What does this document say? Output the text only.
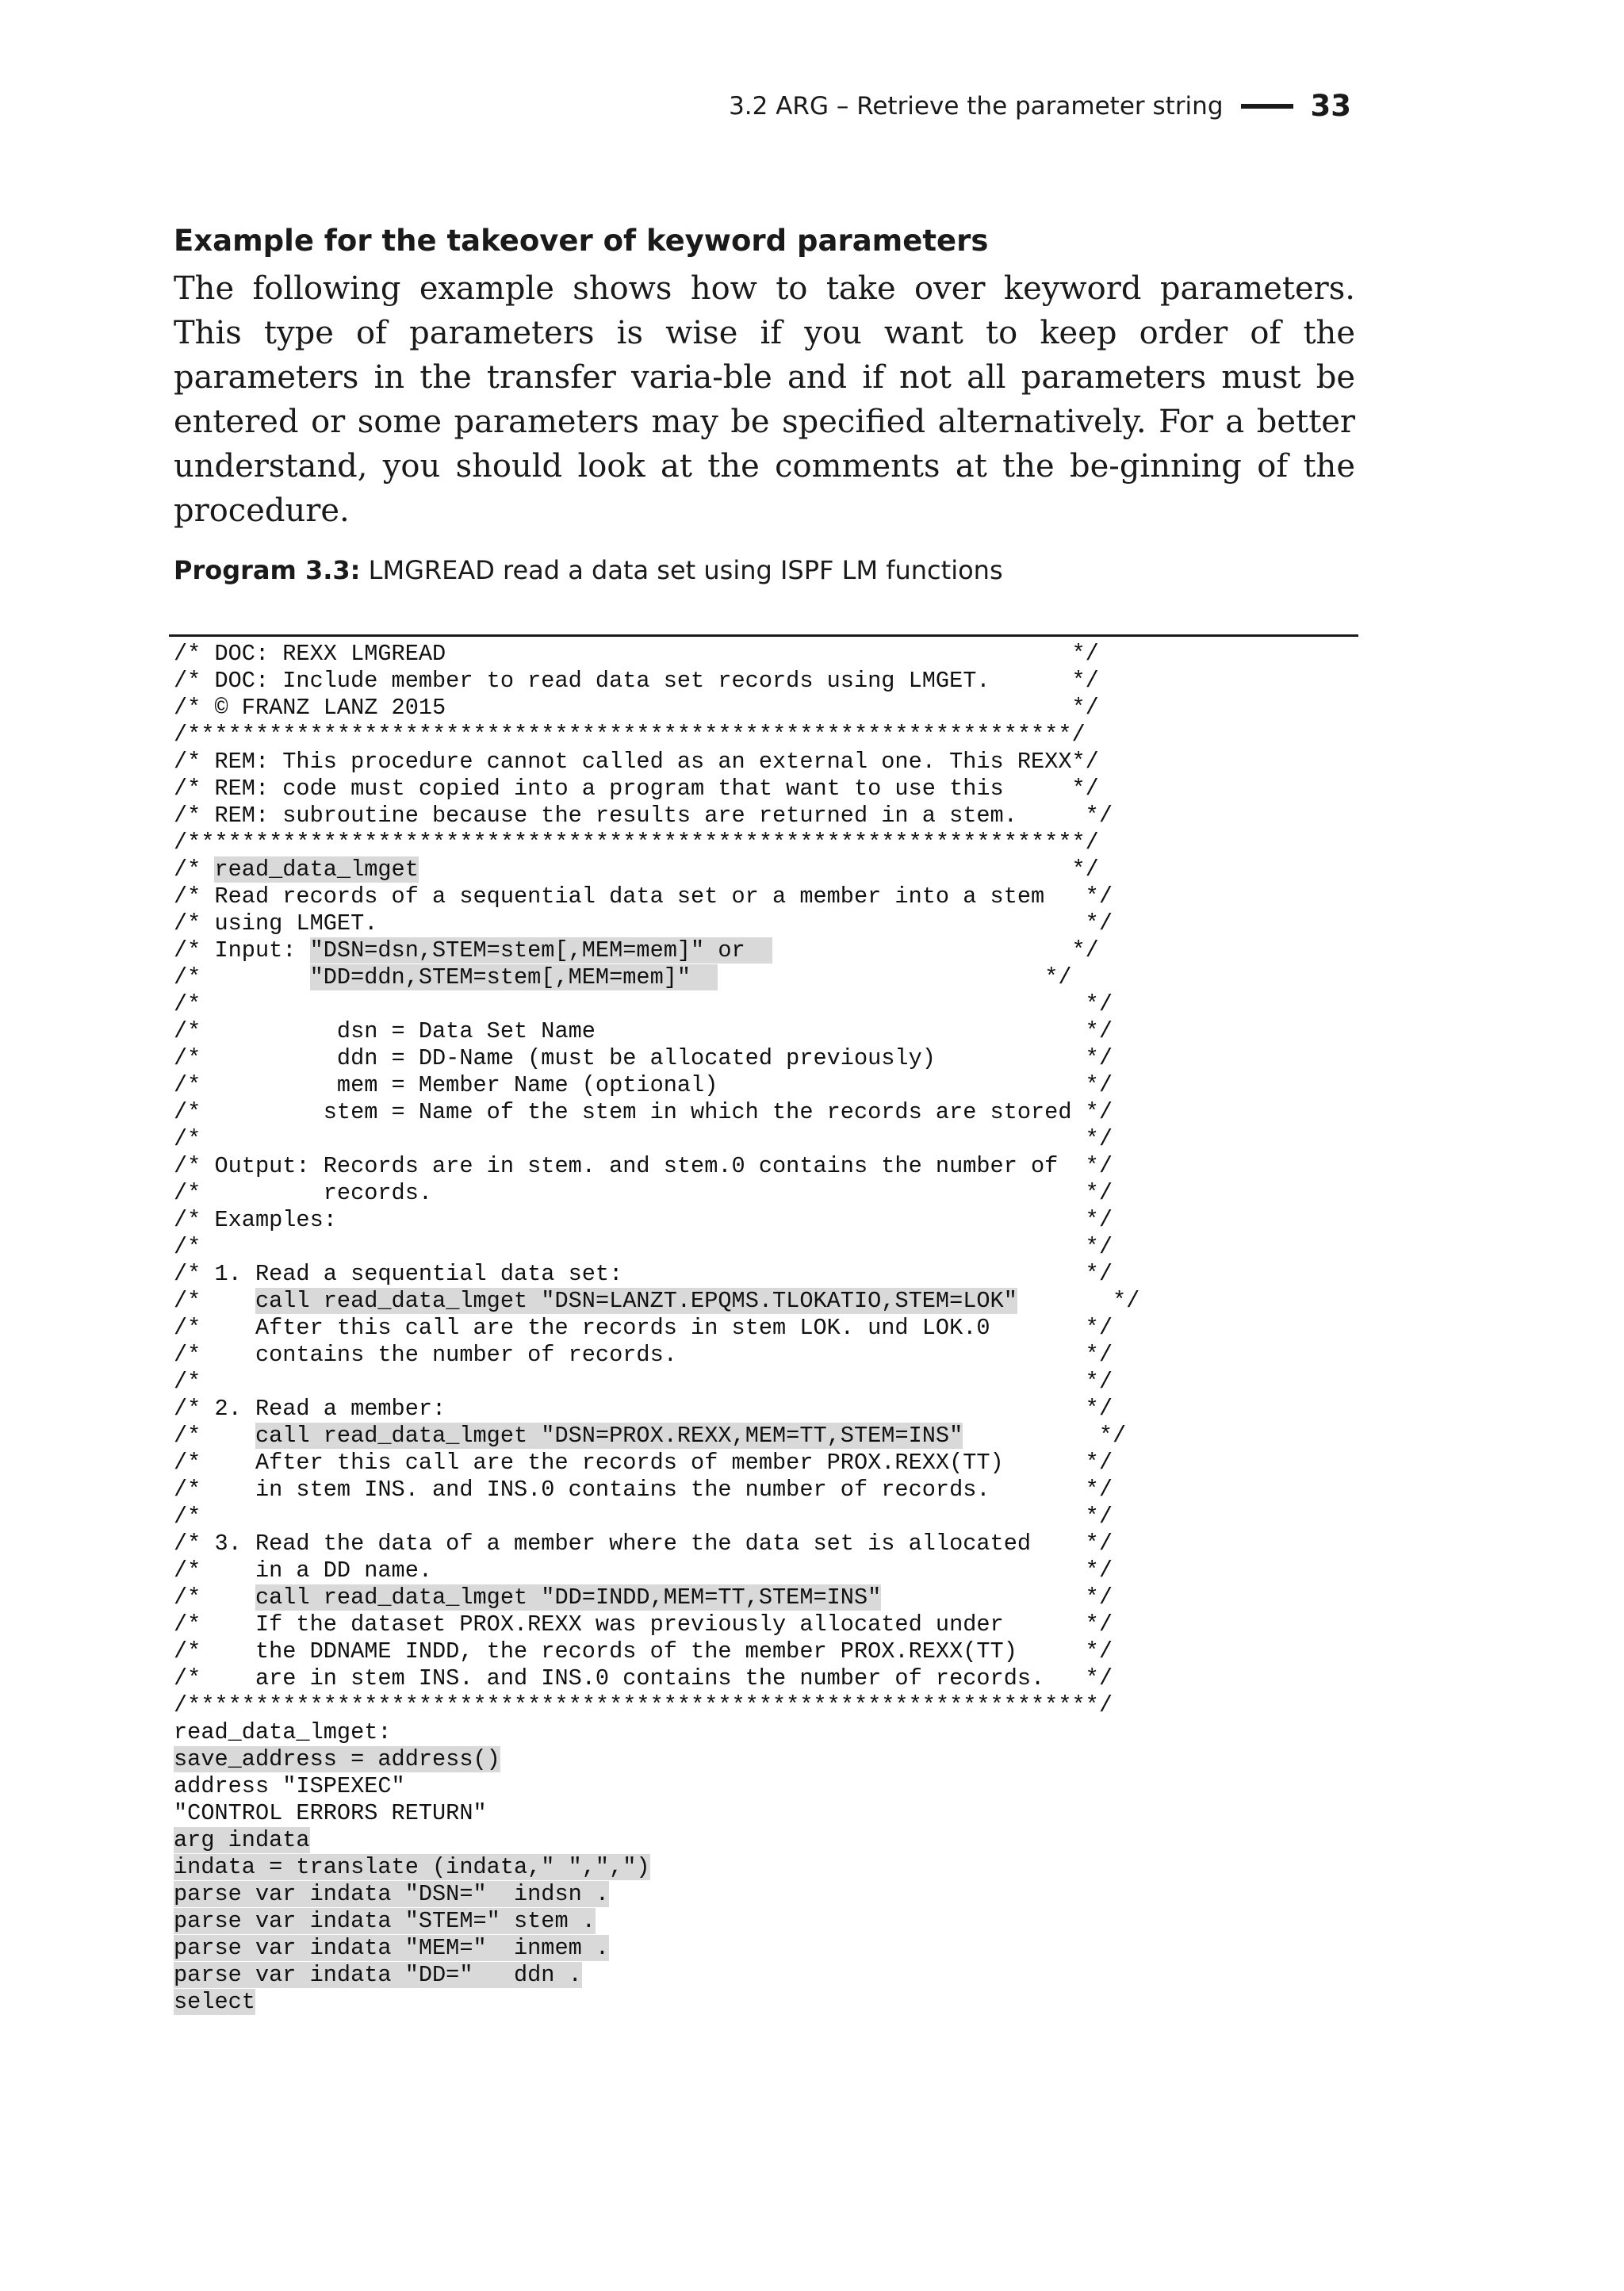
3.2 ARG – Retrieve the parameter string	33
Example for the takeover of keyword parameters
The following example shows how to take over keyword parameters. This type of parameters is wise if you want to keep order of the parameters in the transfer varia-ble and if not all parameters must be entered or some parameters may be specified alternatively. For a better understand, you should look at the comments at the be-ginning of the procedure.
Program 3.3: LMGREAD read a data set using ISPF LM functions
/* DOC: REXX LMGREAD                                              */
/* DOC: Include member to read data set records using LMGET.      */
/* © FRANZ LANZ 2015                                              */
/*****************************************************************/
/* REM: This procedure cannot called as an external one. This REXX*/
/* REM: code must copied into a program that want to use this     */
/* REM: subroutine because the results are returned in a stem.     */
/******************************************************************/
/* read_data_lmget                                                */
/* Read records of a sequential data set or a member into a stem   */
/* using LMGET.                                                    */
/* Input: "DSN=dsn,STEM=stem[,MEM=mem]" or                        */
/*        "DD=ddn,STEM=stem[,MEM=mem]"                          */
/*                                                                 */
/*          dsn = Data Set Name                                    */
/*          ddn = DD-Name (must be allocated previously)           */
/*          mem = Member Name (optional)                           */
/*         stem = Name of the stem in which the records are stored */
/*                                                                 */
/* Output: Records are in stem. and stem.0 contains the number of  */
/*         records.                                                */
/* Examples:                                                       */
/*                                                                 */
/* 1. Read a sequential data set:                                  */
/*    call read_data_lmget "DSN=LANZT.EPQMS.TLOKATIO,STEM=LOK"       */
/*    After this call are the records in stem LOK. und LOK.0       */
/*    contains the number of records.                              */
/*                                                                 */
/* 2. Read a member:                                               */
/*    call read_data_lmget "DSN=PROX.REXX,MEM=TT,STEM=INS"          */
/*    After this call are the records of member PROX.REXX(TT)      */
/*    in stem INS. and INS.0 contains the number of records.       */
/*                                                                 */
/* 3. Read the data of a member where the data set is allocated    */
/*    in a DD name.                                                */
/*    call read_data_lmget "DD=INDD,MEM=TT,STEM=INS"               */
/*    If the dataset PROX.REXX was previously allocated under      */
/*    the DDNAME INDD, the records of the member PROX.REXX(TT)     */
/*    are in stem INS. and INS.0 contains the number of records.   */
/*******************************************************************/
read_data_lmget:
save_address = address()
address "ISPEXEC"
"CONTROL ERRORS RETURN"
arg indata
indata = translate (indata," ",",")
parse var indata "DSN="  indsn .
parse var indata "STEM=" stem .
parse var indata "MEM="  inmem .
parse var indata "DD="   ddn .
select
